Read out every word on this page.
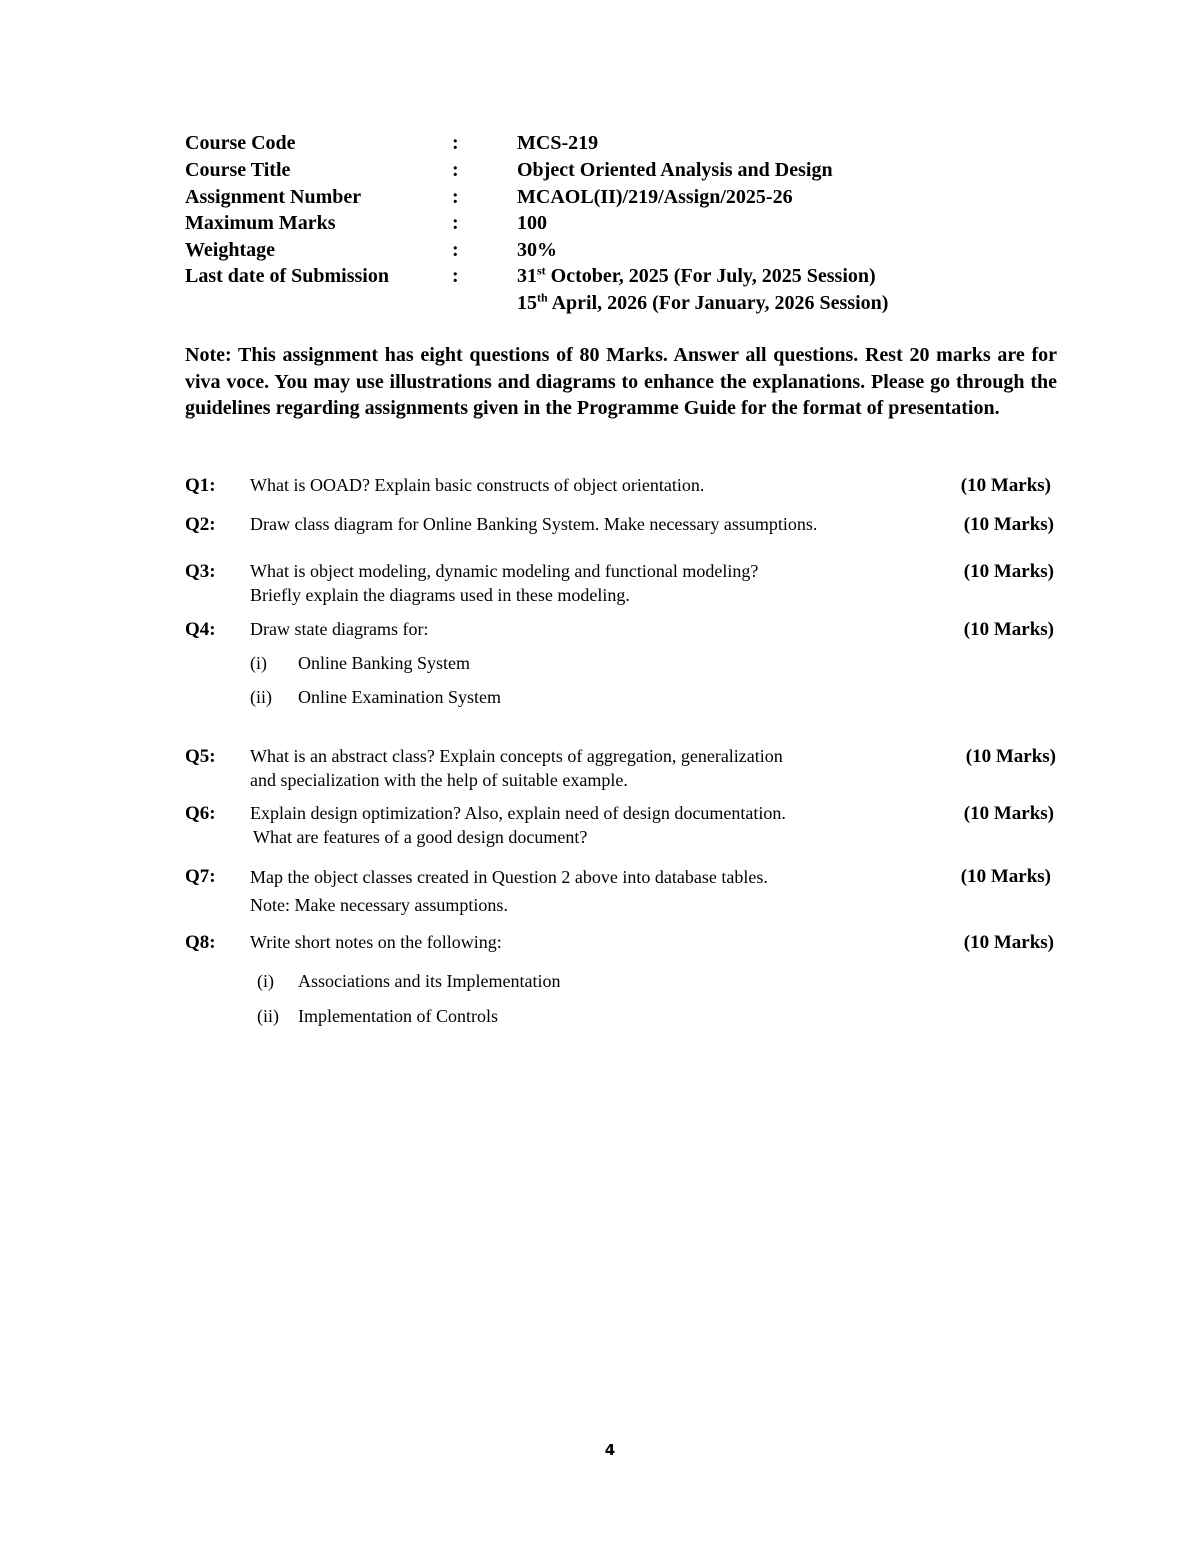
Course Code	:	MCS-219
Course Title	:	Object Oriented Analysis and Design
Assignment Number	:	MCAOL(II)/219/Assign/2025-26
Maximum Marks	:	100
Weightage	:	30%
Last date of Submission	:	31st October, 2025 (For July, 2025 Session)
15th April, 2026 (For January, 2026 Session)
Note: This assignment has eight questions of 80 Marks. Answer all questions. Rest 20 marks are for viva voce. You may use illustrations and diagrams to enhance the explanations. Please go through the guidelines regarding assignments given in the Programme Guide for the format of presentation.
Q1: What is OOAD? Explain basic constructs of object orientation.	(10 Marks)
Q2: Draw class diagram for Online Banking System. Make necessary assumptions.	(10 Marks)
Q3: What is object modeling, dynamic modeling and functional modeling?
Briefly explain the diagrams used in these modeling.
(10 Marks)
Q4: Draw state diagrams for:	(10 Marks)
(i) Online Banking System
(ii) Online Examination System
Q5: What is an abstract class? Explain concepts of aggregation, generalization
and specialization with the help of suitable example.
(10 Marks)
Q6: Explain design optimization? Also, explain need of design documentation.
What are features of a good design document?
(10 Marks)
Q7: Map the object classes created in Question 2 above into database tables.
Note: Make necessary assumptions.
(10 Marks)
Q8: Write short notes on the following:	(10 Marks)
(i) Associations and its Implementation
(ii) Implementation of Controls
4
